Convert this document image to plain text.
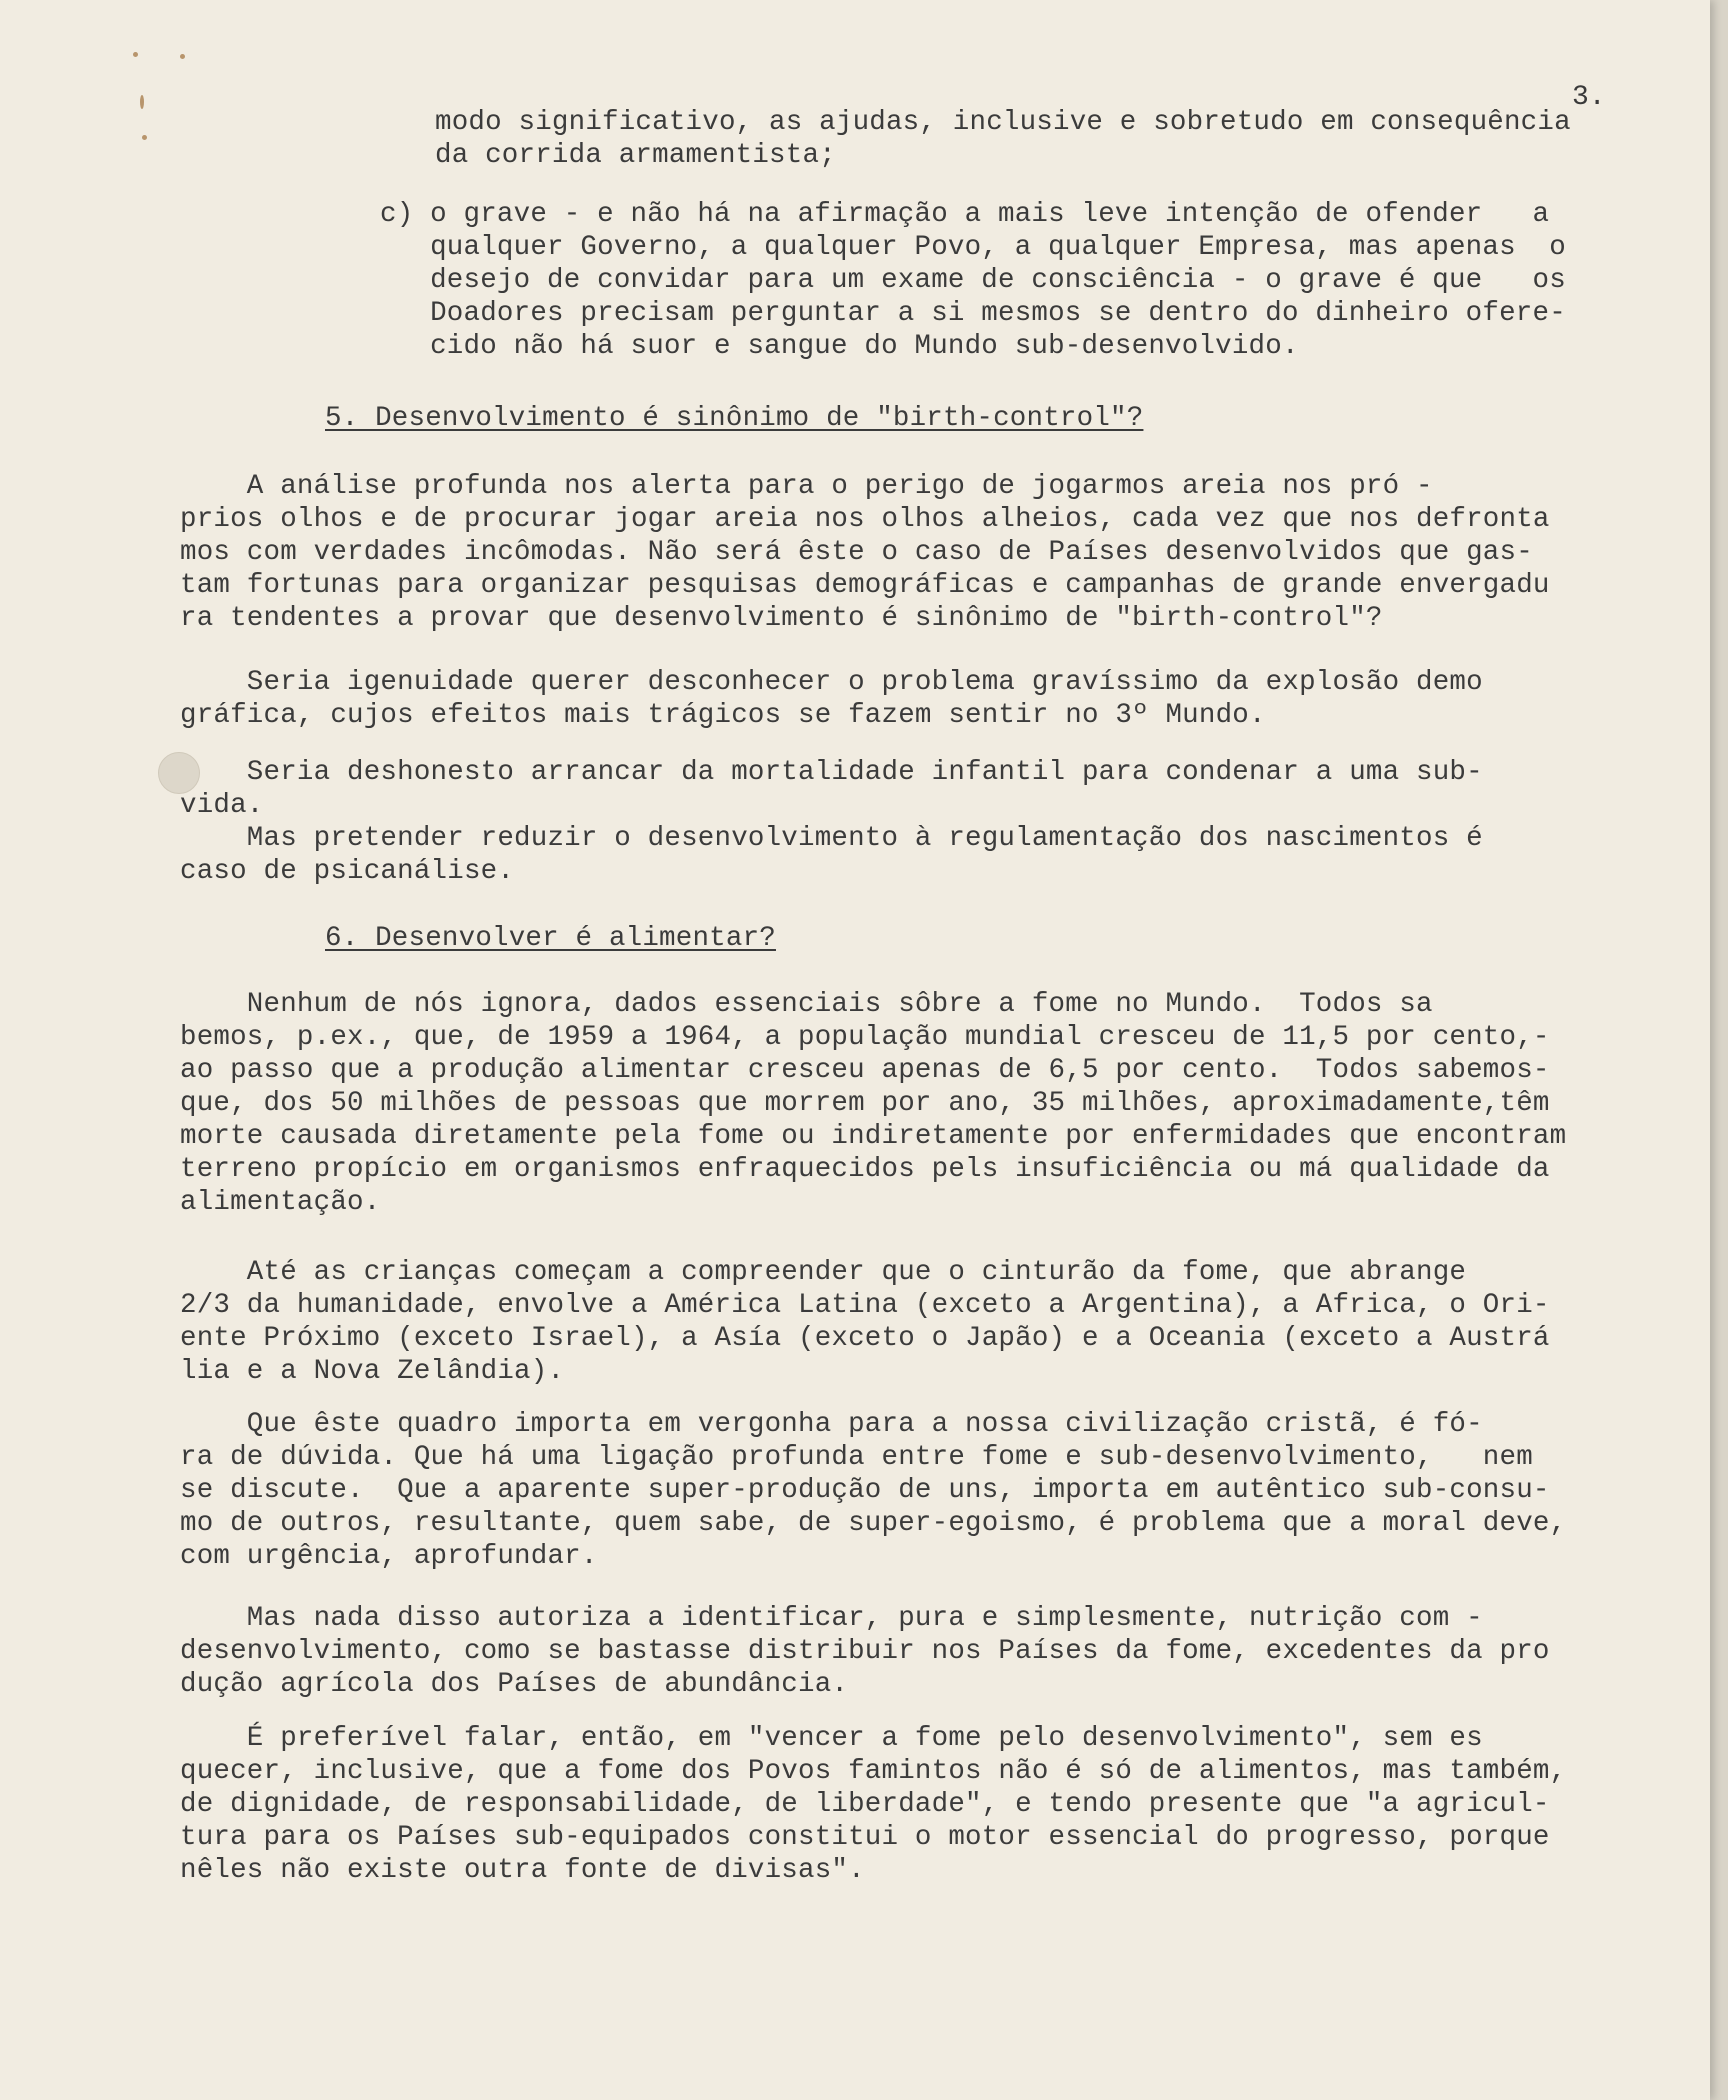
3.
modo significativo, as ajudas, inclusive e sobretudo em consequência
da corrida armamentista;
c) o grave - e não há na afirmação a mais leve intenção de ofender   a
qualquer Governo, a qualquer Povo, a qualquer Empresa, mas apenas  o
desejo de convidar para um exame de consciência - o grave é que   os
Doadores precisam perguntar a si mesmos se dentro do dinheiro ofere-
cido não há suor e sangue do Mundo sub-desenvolvido.
5. Desenvolvimento é sinônimo de "birth-control"?
A análise profunda nos alerta para o perigo de jogarmos areia nos pró -
prios olhos e de procurar jogar areia nos olhos alheios, cada vez que nos defronta
mos com verdades incômodas. Não será êste o caso de Países desenvolvidos que gas-
tam fortunas para organizar pesquisas demográficas e campanhas de grande envergadu
ra tendentes a provar que desenvolvimento é sinônimo de "birth-control"?
Seria igenuidade querer desconhecer o problema gravíssimo da explosão demo
gráfica, cujos efeitos mais trágicos se fazem sentir no 3º Mundo.
Seria deshonesto arrancar da mortalidade infantil para condenar a uma sub-
vida.
Mas pretender reduzir o desenvolvimento à regulamentação dos nascimentos é
caso de psicanálise.
6. Desenvolver é alimentar?
Nenhum de nós ignora, dados essenciais sôbre a fome no Mundo.  Todos sa
bemos, p.ex., que, de 1959 a 1964, a população mundial cresceu de 11,5 por cento,-
ao passo que a produção alimentar cresceu apenas de 6,5 por cento.  Todos sabemos-
que, dos 50 milhões de pessoas que morrem por ano, 35 milhões, aproximadamente,têm
morte causada diretamente pela fome ou indiretamente por enfermidades que encontram
terreno propício em organismos enfraquecidos pels insuficiência ou má qualidade da
alimentação.
Até as crianças começam a compreender que o cinturão da fome, que abrange
2/3 da humanidade, envolve a América Latina (exceto a Argentina), a Africa, o Ori-
ente Próximo (exceto Israel), a Asía (exceto o Japão) e a Oceania (exceto a Austrá
lia e a Nova Zelândia).
Que êste quadro importa em vergonha para a nossa civilização cristã, é fó-
ra de dúvida. Que há uma ligação profunda entre fome e sub-desenvolvimento,   nem
se discute.  Que a aparente super-produção de uns, importa em autêntico sub-consu-
mo de outros, resultante, quem sabe, de super-egoismo, é problema que a moral deve,
com urgência, aprofundar.
Mas nada disso autoriza a identificar, pura e simplesmente, nutrição com -
desenvolvimento, como se bastasse distribuir nos Países da fome, excedentes da pro
dução agrícola dos Países de abundância.
É preferível falar, então, em "vencer a fome pelo desenvolvimento", sem es
quecer, inclusive, que a fome dos Povos famintos não é só de alimentos, mas também,
de dignidade, de responsabilidade, de liberdade", e tendo presente que "a agricul-
tura para os Países sub-equipados constitui o motor essencial do progresso, porque
nêles não existe outra fonte de divisas".
